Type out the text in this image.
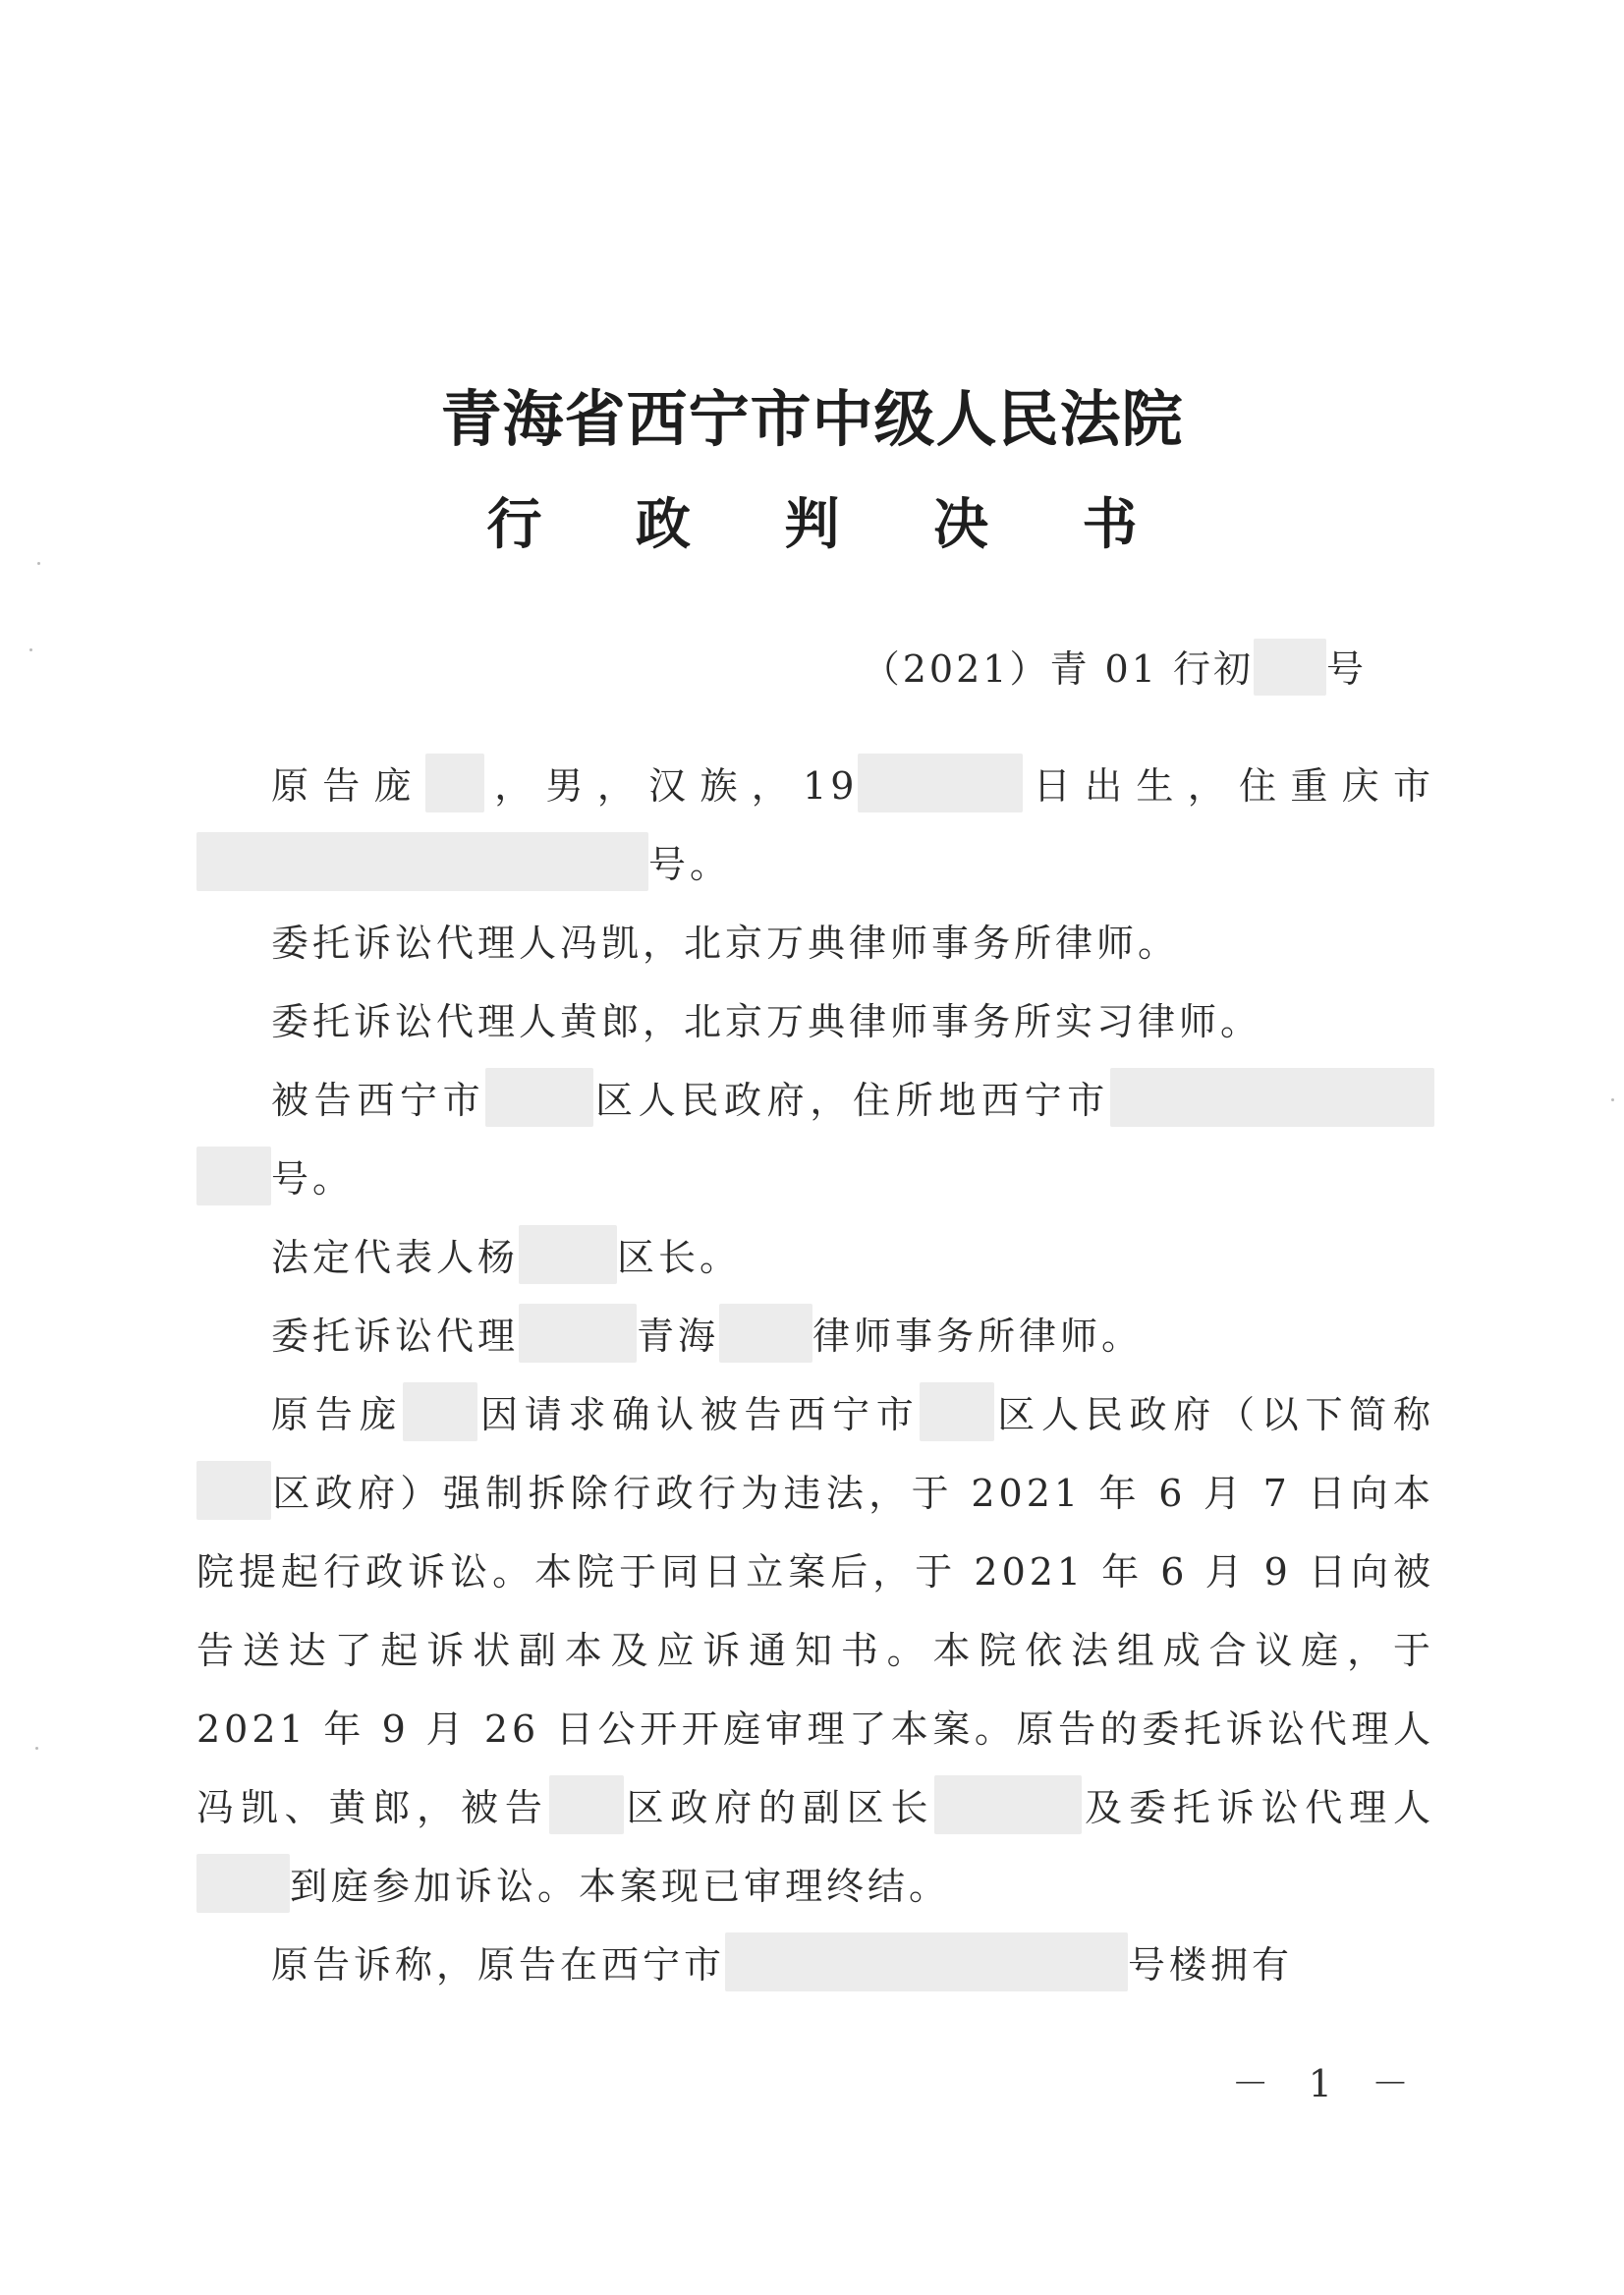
青海省西宁市中级人民法院
行 政 判 决 书
（2021）青 01 行初 号

原告庞 ，男，汉族，19	日出生，住重庆市号。

委托诉讼代理人冯凯，北京万典律师事务所律师。

委托诉讼代理人黄郎，北京万典律师事务所实习律师。

被告西宁市	区人民政府，住所地西宁市号。

法定代表人杨	区长。

委托诉讼代理	青海	律师事务所律师。

原告庞 因请求确认被告西宁市 区人民政府（以下简称区政府）强制拆除行政行为违法，于 2021 年 6 月 7 日向本院提起行政诉讼。本院于同日立案后，于 2021 年 6 月 9 日向被告送达了起诉状副本及应诉通知书。本院依法组成合议庭，于 2021 年 9 月 26 日公开开庭审理了本案。原告的委托诉讼代理人冯凯、黄郎，被告 区政府的副区长	及委托诉讼代理人到庭参加诉讼。本案现已审理终结。

原告诉称，原告在西宁市	号楼拥有

－ 1 －
